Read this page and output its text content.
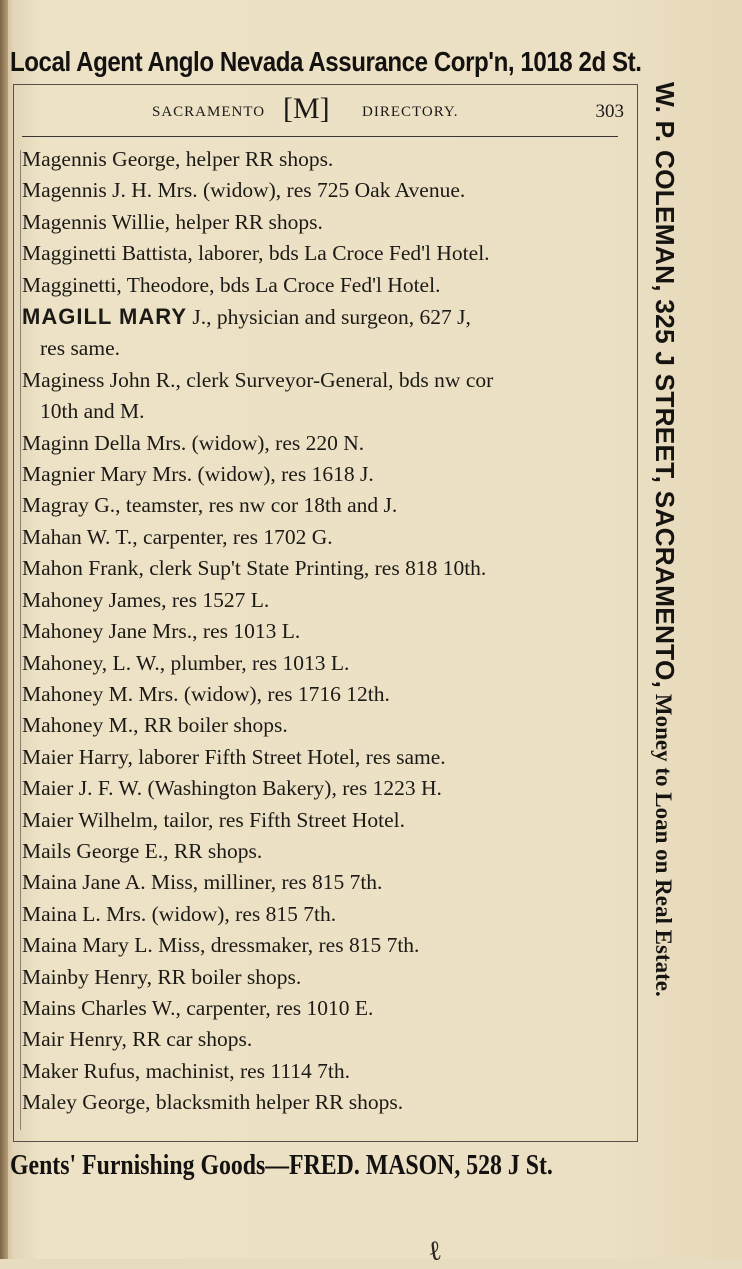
Local Agent Anglo Nevada Assurance Corp'n, 1018 2d St.
SACRAMENTO [M] DIRECTORY.	303
Magennis George, helper RR shops.
Magennis J. H. Mrs. (widow), res 725 Oak Avenue.
Magennis Willie, helper RR shops.
Magginetti Battista, laborer, bds La Croce Fed'l Hotel.
Magginetti, Theodore, bds La Croce Fed'l Hotel.
MAGILL MARY J., physician and surgeon, 627 J,
res same.
Maginess John R., clerk Surveyor-General, bds nw cor
10th and M.
Maginn Della Mrs. (widow), res 220 N.
Magnier Mary Mrs. (widow), res 1618 J.
Magray G., teamster, res nw cor 18th and J.
Mahan W. T., carpenter, res 1702 G.
Mahon Frank, clerk Sup't State Printing, res 818 10th.
Mahoney James, res 1527 L.
Mahoney Jane Mrs., res 1013 L.
Mahoney, L. W., plumber, res 1013 L.
Mahoney M. Mrs. (widow), res 1716 12th.
Mahoney M., RR boiler shops.
Maier Harry, laborer Fifth Street Hotel, res same.
Maier J. F. W. (Washington Bakery), res 1223 H.
Maier Wilhelm, tailor, res Fifth Street Hotel.
Mails George E., RR shops.
Maina Jane A. Miss, milliner, res 815 7th.
Maina L. Mrs. (widow), res 815 7th.
Maina Mary L. Miss, dressmaker, res 815 7th.
Mainby Henry, RR boiler shops.
Mains Charles W., carpenter, res 1010 E.
Mair Henry, RR car shops.
Maker Rufus, machinist, res 1114 7th.
Maley George, blacksmith helper RR shops.
W. P. COLEMAN, 325 J STREET, SACRAMENTO, Money to Loan on Real Estate.
Gents' Furnishing Goods—FRED. MASON, 528 J St.
ℓ
